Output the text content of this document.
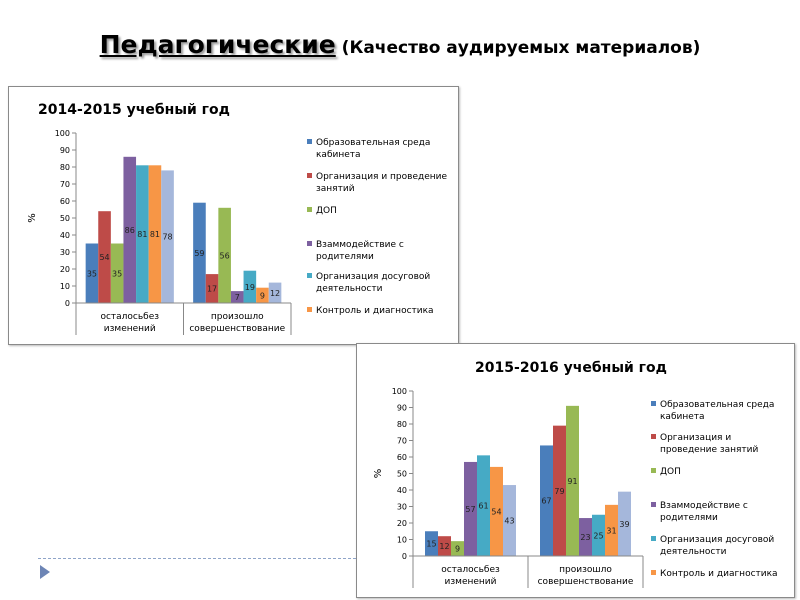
Педагогические (Качество аудируемых материалов)
2014-2015 учебный год
%
0
10
20
30
40
50
60
70
80
90
100
35
54
35
86 81 81 78
осталосьбез
изменений
59
17
56
7
19
9 12
произошло
совершенствование
Образовательная среда
кабинета
Организация и проведение
занятий
ДОП
Взаммодействие с
родителями
Организация досуговой
деятельности
Контроль и диагностика
2015-2016 учебный год
%
0
10
20
30
40
50
60
70
80
90
100
15 12 9
57 61
54
43
осталосьбез
изменений
67
79
91
23 25
31
39
произошло
совершенствование
Образовательная среда
кабинета
Организация и
проведение занятий
ДОП
Взаммодействие с
родителями
Организация досуговой
деятельности
Контроль и диагностика
